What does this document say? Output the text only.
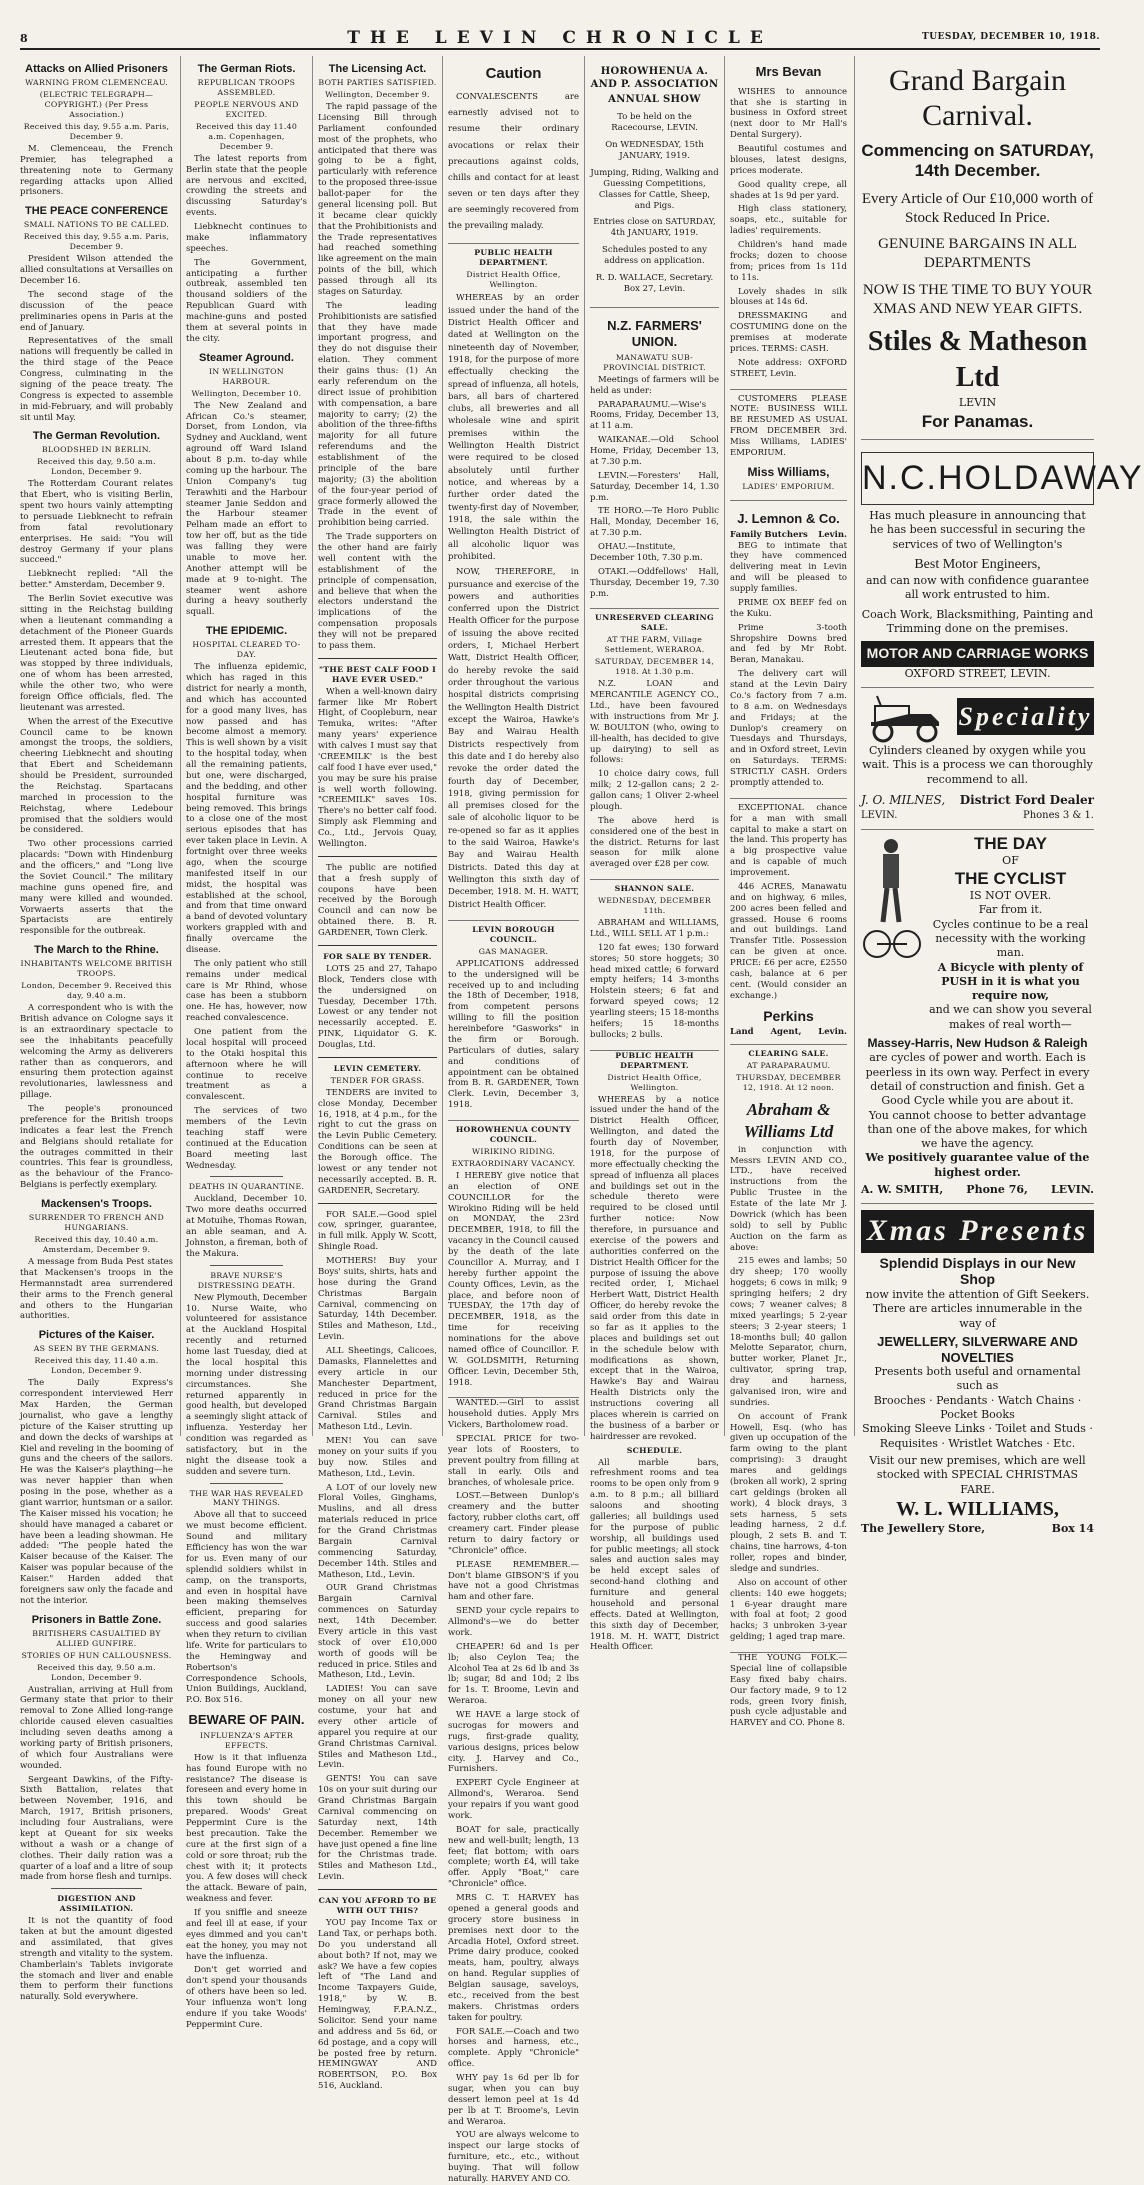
8	THE LEVIN CHRONICLE	TUESDAY, DECEMBER 10, 1918.
Attacks on Allied Prisoners
WARNING FROM CLEMENCEAU.
(ELECTRIC TELEGRAPH—COPYRIGHT.) (Per Press Association.)
Received this day, 9.55 a.m. Paris, December 9.
M. Clemenceau, the French Premier, has telegraphed a threatening note to Germany regarding attacks upon Allied prisoners.
THE PEACE CONFERENCE
SMALL NATIONS TO BE CALLED.
Received this day, 9.55 a.m. Paris, December 9.
President Wilson attended the allied consultations at Versailles on December 16.
The second stage of the discussion of the peace preliminaries opens in Paris at the end of January.
Representatives of the small nations will frequently be called in the third stage of the Peace Congress, culminating in the signing of the peace treaty. The Congress is expected to assemble in mid-February, and will probably sit until May.
The German Revolution.
BLOODSHED IN BERLIN.
Received this day, 9.50 a.m. London, December 9.
The Rotterdam Courant relates that Ebert, who is visiting Berlin, spent two hours vainly attempting to persuade Liebknecht to refrain from fatal revolutionary enterprises. He said: "You will destroy Germany if your plans succeed."
Liebknecht replied: "All the better." Amsterdam, December 9.
The Berlin Soviet executive was sitting in the Reichstag building when a lieutenant commanding a detachment of the Pioneer Guards arrested them. It appears that the Lieutenant acted bona fide, but was stopped by three individuals, one of whom has been arrested, while the other two, who were foreign Office officials, fled. The lieutenant was arrested.
When the arrest of the Executive Council came to be known amongst the troops, the soldiers, cheering Liebknecht and shouting that Ebert and Scheidemann should be President, surrounded the Reichstag. Spartacans marched in procession to the Reichstag, where Ledebour promised that the soldiers would be considered.
Two other processions carried placards: "Down with Hindenburg and the officers," and "Long live the Soviet Council." The military machine guns opened fire, and many were killed and wounded. Vorwaerts asserts that the Spartacists are entirely responsible for the outbreak.
The March to the Rhine.
INHABITANTS WELCOME BRITISH TROOPS.
London, December 9. Received this day, 9.40 a.m.
A correspondent who is with the British advance on Cologne says it is an extraordinary spectacle to see the inhabitants peacefully welcoming the Army as deliverers rather than as conquerors, and ensuring them protection against revolutionaries, lawlessness and pillage.
The people's pronounced preference for the British troops indicates a fear lest the French and Belgians should retaliate for the outrages committed in their countries. This fear is groundless, as the behaviour of the Franco-Belgians is perfectly exemplary.
Mackensen's Troops.
SURRENDER TO FRENCH AND HUNGARIANS.
Received this day, 10.40 a.m. Amsterdam, December 9.
A message from Buda Pest states that Mackensen's troops in the Hermannstadt area surrendered their arms to the French general and others to the Hungarian authorities.
Pictures of the Kaiser.
AS SEEN BY THE GERMANS.
Received this day, 11.40 a.m. London, December 9.
The Daily Express's correspondent interviewed Herr Max Harden, the German journalist, who gave a lengthy picture of the Kaiser strutting up and down the decks of warships at Kiel and reveling in the booming of guns and the cheers of the sailors. He was the Kaiser's plaything—he was never happier than when posing in the pose, whether as a giant warrior, huntsman or a sailor. The Kaiser missed his vocation; he should have managed a cabaret or have been a leading showman. He added: "The people hated the Kaiser because of the Kaiser. The Kaiser was popular because of the Kaiser." Harden added that foreigners saw only the facade and not the interior.
Prisoners in Battle Zone.
BRITISHERS CASUALTIED BY ALLIED GUNFIRE.
STORIES OF HUN CALLOUSNESS.
Received this day, 9.50 a.m. London, December 9.
Australian, arriving at Hull from Germany state that prior to their removal to Zone Allied long-range chloride caused eleven casualties including seven deaths among a working party of British prisoners, of which four Australians were wounded.
Sergeant Dawkins, of the Fifty-Sixth Battalion, relates that between November, 1916, and March, 1917, British prisoners, including four Australians, were kept at Queant for six weeks without a wash or a change of clothes. Their daily ration was a quarter of a loaf and a litre of soup made from horse flesh and turnips.
DIGESTION AND ASSIMILATION.
It is not the quantity of food taken at but the amount digested and assimilated, that gives strength and vitality to the system. Chamberlain's Tablets invigorate the stomach and liver and enable them to perform their functions naturally. Sold everywhere.
The German Riots.
REPUBLICAN TROOPS ASSEMBLED.
PEOPLE NERVOUS AND EXCITED.
Received this day 11.40 a.m. Copenhagen, December 9.
The latest reports from Berlin state that the people are nervous and excited, crowding the streets and discussing Saturday's events.
Liebknecht continues to make inflammatory speeches.
The Government, anticipating a further outbreak, assembled ten thousand soldiers of the Republican Guard with machine-guns and posted them at several points in the city.
Steamer Aground.
IN WELLINGTON HARBOUR.
Wellington, December 10.
The New Zealand and African Co.'s steamer, Dorset, from London, via Sydney and Auckland, went aground off Ward Island about 8 p.m. to-day while coming up the harbour. The Union Company's tug Terawhiti and the Harbour steamer Janie Seddon and the Harbour steamer Pelham made an effort to tow her off, but as the tide was falling they were unable to move her. Another attempt will be made at 9 to-night. The steamer went ashore during a heavy southerly squall.
THE EPIDEMIC.
HOSPITAL CLEARED TO-DAY.
The influenza epidemic, which has raged in this district for nearly a month, and which has accounted for a good many lives, has now passed and has become almost a memory. This is well shown by a visit to the hospital today, when all the remaining patients, but one, were discharged, and the bedding, and other hospital furniture was being removed. This brings to a close one of the most serious episodes that has ever taken place in Levin. A fortnight over three weeks ago, when the scourge manifested itself in our midst, the hospital was established at the school, and from that time onward a band of devoted voluntary workers grappled with and finally overcame the disease.
The only patient who still remains under medical care is Mr Rhind, whose case has been a stubborn one. He has, however, now reached convalescence.
One patient from the local hospital will proceed to the Otaki hospital this afternoon where he will continue to receive treatment as a convalescent.
The services of two members of the Levin teaching staff were continued at the Education Board meeting last Wednesday.
DEATHS IN QUARANTINE.
Auckland, December 10. Two more deaths occurred at Motuihe, Thomas Rowan, an able seaman, and A. Johnston, a fireman, both of the Makura.
BRAVE NURSE'S DISTRESSING DEATH.
New Plymouth, December 10. Nurse Waite, who volunteered for assistance at the Auckland Hospital recently and returned home last Tuesday, died at the local hospital this morning under distressing circumstances. She returned apparently in good health, but developed a seemingly slight attack of influenza. Yesterday her condition was regarded as satisfactory, but in the night the disease took a sudden and severe turn.
THE WAR HAS REVEALED MANY THINGS.
Above all that to succeed we must become efficient. Sound and military Efficiency has won the war for us. Even many of our splendid soldiers whilst in camp, on the transports, and even in hospital have been making themselves efficient, preparing for success and good salaries when they return to civilian life. Write for particulars to the Hemingway and Robertson's Correspondence Schools, Union Buildings, Auckland, P.O. Box 516.
BEWARE OF PAIN.
INFLUENZA'S AFTER EFFECTS.
How is it that influenza has found Europe with no resistance? The disease is foreseen and every home in this town should be prepared. Woods' Great Peppermint Cure is the best precaution. Take the cure at the first sign of a cold or sore throat; rub the chest with it; it protects you. A few doses will check the attack. Beware of pain, weakness and fever.
If you sniffle and sneeze and feel ill at ease, if your eyes dimmed and you can't eat the honey, you may not have the influenza.
Don't get worried and don't spend your thousands of others have been so led. Your influenza won't long endure if you take Woods' Peppermint Cure.
The Licensing Act.
BOTH PARTIES SATISFIED.
Wellington, December 9.
The rapid passage of the Licensing Bill through Parliament confounded most of the prophets, who anticipated that there was going to be a fight, particularly with reference to the proposed three-issue ballot-paper for the general licensing poll. But it became clear quickly that the Prohibitionists and the Trade representatives had reached something like agreement on the main points of the bill, which passed through all its stages on Saturday.
The leading Prohibitionists are satisfied that they have made important progress, and they do not disguise their elation. They comment their gains thus: (1) An early referendum on the direct issue of prohibition with compensation, a bare majority to carry; (2) the abolition of the three-fifths majority for all future referendums and the establishment of the principle of the bare majority; (3) the abolition of the four-year period of grace formerly allowed the Trade in the event of prohibition being carried.
The Trade supporters on the other hand are fairly well content with the establishment of the principle of compensation, and believe that when the electors understand the implications of the compensation proposals they will not be prepared to pass them.
"THE BEST CALF FOOD I HAVE EVER USED."
When a well-known dairy farmer like Mr Robert Hight, of Coopleburn, near Temuka, writes: "After many years' experience with calves I must say that 'CREEMILK' is the best calf food I have ever used," you may be sure his praise is well worth following. "CREEMILK" saves 10s. There's no better calf food. Simply ask Flemming and Co., Ltd., Jervois Quay, Wellington.
The public are notified that a fresh supply of coupons have been received by the Borough Council and can now be obtained there. B. R. GARDENER, Town Clerk.
FOR SALE BY TENDER.
LOTS 25 and 27, Tahapo Block, Tenders close with the undersigned on Tuesday, December 17th. Lowest or any tender not necessarily accepted. E. PINK, Liquidator G. K. Douglas, Ltd.
LEVIN CEMETERY.
TENDER FOR GRASS.
TENDERS are invited to close Monday, December 16, 1918, at 4 p.m., for the right to cut the grass on the Levin Public Cemetery. Conditions can be seen at the Borough office. The lowest or any tender not necessarily accepted. B. R. GARDENER, Secretary.
FOR SALE.—Good spiel cow, springer, guarantee, in full milk. Apply W. Scott, Shingle Road.
MOTHERS! Buy your Boys' suits, shirts, hats and hose during the Grand Christmas Bargain Carnival, commencing on Saturday, 14th December. Stiles and Matheson, Ltd., Levin.
ALL Sheetings, Calicoes, Damasks, Flannelettes and every article in our Manchester Department, reduced in price for the Grand Christmas Bargain Carnival. Stiles and Matheson Ltd., Levin.
MEN! You can save money on your suits if you buy now. Stiles and Matheson, Ltd., Levin.
A LOT of our lovely new Floral Voiles, Ginghams, Muslins, and all dress materials reduced in price for the Grand Christmas Bargain Carnival commencing Saturday, December 14th. Stiles and Matheson, Ltd., Levin.
OUR Grand Christmas Bargain Carnival commences on Saturday next, 14th December. Every article in this vast stock of over £10,000 worth of goods will be reduced in price. Stiles and Matheson, Ltd., Levin.
LADIES! You can save money on all your new costume, your hat and every other article of apparel you require at our Grand Christmas Carnival. Stiles and Matheson Ltd., Levin.
GENTS! You can save 10s on your suit during our Grand Christmas Bargain Carnival commencing on Saturday next, 14th December. Remember we have just opened a fine line for the Christmas trade. Stiles and Matheson Ltd., Levin.
CAN YOU AFFORD TO BE WITH OUT THIS?
YOU pay Income Tax or Land Tax, or perhaps both. Do you understand all about both? If not, may we ask? We have a few copies left of "The Land and Income Taxpayers Guide, 1918," by W. B. Hemingway, F.P.A.N.Z., Solicitor. Send your name and address and 5s 6d, or 6d postage, and a copy will be posted free by return. HEMINGWAY AND ROBERTSON, P.O. Box 516, Auckland.
Caution
CONVALESCENTS are earnestly advised not to resume their ordinary avocations or relax their precautions against colds, chills and contact for at least seven or ten days after they are seemingly recovered from the prevailing malady.
PUBLIC HEALTH DEPARTMENT.
District Health Office, Wellington.
WHEREAS by an order issued under the hand of the District Health Officer and dated at Wellington on the nineteenth day of November, 1918, for the purpose of more effectually checking the spread of influenza, all hotels, bars, all bars of chartered clubs, all breweries and all wholesale wine and spirit premises within the Wellington Health District were required to be closed absolutely until further notice, and whereas by a further order dated the twenty-first day of November, 1918, the sale within the Wellington Health District of all alcoholic liquor was prohibited.
NOW, THEREFORE, in pursuance and exercise of the powers and authorities conferred upon the District Health Officer for the purpose of issuing the above recited orders, I, Michael Herbert Watt, District Health Officer, do hereby revoke the said order throughout the various hospital districts comprising the Wellington Health District except the Wairoa, Hawke's Bay and Wairau Health Districts respectively from this date and I do hereby also revoke the order dated the fourth day of December, 1918, giving permission for all premises closed for the sale of alcoholic liquor to be re-opened so far as it applies to the said Wairoa, Hawke's Bay and Wairau Health Districts. Dated this day at Wellington this sixth day of December, 1918. M. H. WATT, District Health Officer.
LEVIN BOROUGH COUNCIL.
GAS MANAGER.
APPLICATIONS addressed to the undersigned will be received up to and including the 18th of December, 1918, from competent persons willing to fill the position hereinbefore "Gasworks" in the firm or Borough. Particulars of duties, salary and conditions of appointment can be obtained from B. R. GARDENER, Town Clerk. Levin, December 3, 1918.
HOROWHENUA COUNTY COUNCIL.
WIRIKINO RIDING.
EXTRAORDINARY VACANCY.
I HEREBY give notice that an election of ONE COUNCILLOR for the Wirokino Riding will be held on MONDAY, the 23rd DECEMBER, 1918, to fill the vacancy in the Council caused by the death of the late Councillor A. Murray, and I hereby further appoint the County Offices, Levin, as the place, and before noon of TUESDAY, the 17th day of DECEMBER, 1918, as the time for receiving nominations for the above named office of Councillor. F. W. GOLDSMITH, Returning Officer. Levin, December 5th, 1918.
WANTED.—Girl to assist household duties. Apply Mrs Vickers, Bartholomew road.
SPECIAL PRICE for two-year lots of Roosters, to prevent poultry from filling at stall in early. Oils and branches, of wholesale price.
LOST.—Between Dunlop's creamery and the butter factory, rubber cloths cart, off creamery cart. Finder please return to dairy factory or "Chronicle" office.
PLEASE REMEMBER.—Don't blame GIBSON'S if you have not a good Christmas ham and other fare.
SEND your cycle repairs to Allmond's—we do better work.
CHEAPER! 6d and 1s per lb; also Ceylon Tea; the Alcohol Tea at 2s 6d lb and 3s lb; sugar, 8d and 10d; 2 lbs for 1s. T. Broome, Levin and Weraroa.
WE HAVE a large stock of sucrogas for mowers and rugs, first-grade quality, various designs, prices below city. J. Harvey and Co., Furnishers.
EXPERT Cycle Engineer at Allmond's, Weraroa. Send your repairs if you want good work.
BOAT for sale, practically new and well-built; length, 13 feet; flat bottom; with oars complete; worth £4, will take offer. Apply "Boat," care "Chronicle" office.
MRS C. T. HARVEY has opened a general goods and grocery store business in premises next door to the Arcadia Hotel, Oxford street. Prime dairy produce, cooked meats, ham, poultry, always on hand. Regular supplies of Belgian sausage, saveloys, etc., received from the best makers. Christmas orders taken for poultry.
FOR SALE.—Coach and two horses and harness, etc., complete. Apply "Chronicle" office.
WHY pay 1s 6d per lb for sugar, when you can buy dessert lemon peel at 1s 4d per lb at T. Broome's, Levin and Weraroa.
YOU are always welcome to inspect our large stocks of furniture, etc., etc., without buying. That will follow naturally. HARVEY AND CO.
HOROWHENUA A. AND P. ASSOCIATION
ANNUAL SHOW
To be held on the Racecourse, LEVIN.
On WEDNESDAY, 15th JANUARY, 1919.
Jumping, Riding, Walking and Guessing Competitions, Classes for Cattle, Sheep, and Pigs.
Entries close on SATURDAY, 4th JANUARY, 1919.
Schedules posted to any address on application.
R. D. WALLACE, Secretary. Box 27, Levin.
N.Z. FARMERS' UNION.
MANAWATU SUB-PROVINCIAL DISTRICT.
Meetings of farmers will be held as under:
PARAPARAUMU.—Wise's Rooms, Friday, December 13, at 11 a.m.
WAIKANAE.—Old School Home, Friday, December 13, at 7.30 p.m.
LEVIN.—Foresters' Hall, Saturday, December 14, 1.30 p.m.
TE HORO.—Te Horo Public Hall, Monday, December 16, at 7.30 p.m.
OHAU.—Institute, December 10th, 7.30 p.m.
OTAKI.—Oddfellows' Hall, Thursday, December 19, 7.30 p.m.
UNRESERVED CLEARING SALE.
AT THE FARM, Village Settlement, WERAROA.
SATURDAY, DECEMBER 14, 1918. At 1.30 p.m.
N.Z. LOAN and MERCANTILE AGENCY CO., Ltd., have been favoured with instructions from Mr J. W. BOULTON (who, owing to ill-health, has decided to give up dairying) to sell as follows:
10 choice dairy cows, full milk; 2 12-gallon cans; 2 2-gallon cans; 1 Oliver 2-wheel plough.
The above herd is considered one of the best in the district. Returns for last season for milk alone averaged over £28 per cow.
SHANNON SALE.
WEDNESDAY, DECEMBER 11th.
ABRAHAM and WILLIAMS, Ltd., WILL SELL AT 1 p.m.:
120 fat ewes; 130 forward stores; 50 store hoggets; 30 head mixed cattle; 6 forward empty heifers; 14 3-months Holstein steers; 6 fat and forward speyed cows; 12 yearling steers; 15 18-months heifers; 15 18-months bullocks; 2 bulls.
PUBLIC HEALTH DEPARTMENT.
District Health Office, Wellington.
WHEREAS by a notice issued under the hand of the District Health Officer, Wellington, and dated the fourth day of November, 1918, for the purpose of more effectually checking the spread of influenza all places and buildings set out in the schedule thereto were required to be closed until further notice: Now therefore, in pursuance and exercise of the powers and authorities conferred on the District Health Officer for the purpose of issuing the above recited order, I, Michael Herbert Watt, District Health Officer, do hereby revoke the said order from this date in so far as it applies to the places and buildings set out in the schedule below with modifications as shown, except that in the Wairoa, Hawke's Bay and Wairau Health Districts only the instructions covering all places wherein is carried on the business of a barber or hairdresser are revoked.
SCHEDULE.
All marble bars, refreshment rooms and tea rooms to be open only from 9 a.m. to 8 p.m.; all billiard saloons and shooting galleries; all buildings used for the purpose of public worship, all buildings used for public meetings; all stock sales and auction sales may be held except sales of second-hand clothing and furniture and general household and personal effects. Dated at Wellington, this sixth day of December, 1918. M. H. WATT, District Health Officer.
Mrs Bevan
WISHES to announce that she is starting in business in Oxford street (next door to Mr Hall's Dental Surgery).
Beautiful costumes and blouses, latest designs, prices moderate.
Good quality crepe, all shades at 1s 9d per yard.
High class stationery, soaps, etc., suitable for ladies' requirements.
Children's hand made frocks; dozen to choose from; prices from 1s 11d to 11s.
Lovely shades in silk blouses at 14s 6d.
DRESSMAKING and COSTUMING done on the premises at moderate prices. TERMS: CASH.
Note address: OXFORD STREET, Levin.
CUSTOMERS PLEASE NOTE: BUSINESS WILL BE RESUMED AS USUAL FROM DECEMBER 3rd. Miss Williams, LADIES' EMPORIUM.
Miss Williams,
LADIES' EMPORIUM.
J. Lemnon & Co.
Family Butchers Levin.
BEG to intimate that they have commenced delivering meat in Levin and will be pleased to supply families.
PRIME OX BEEF fed on the Kuku.
Prime 3-tooth Shropshire Downs bred and fed by Mr Robt. Beran, Manakau.
The delivery cart will stand at the Levin Dairy Co.'s factory from 7 a.m. to 8 a.m. on Wednesdays and Fridays; at the Dunlop's creamery on Tuesdays and Thursdays, and in Oxford street, Levin on Saturdays. TERMS: STRICTLY CASH. Orders promptly attended to.
EXCEPTIONAL chance for a man with small capital to make a start on the land. This property has a big prospective value and is capable of much improvement.
446 ACRES, Manawatu and on highway, 6 miles, 200 acres been felled and grassed. House 6 rooms and out buildings. Land Transfer Title. Possession can be given at once. PRICE: £6 per acre, £2550 cash, balance at 6 per cent. (Would consider an exchange.)
Perkins
Land Agent, Levin.
CLEARING SALE.
AT PARAPARAUMU.
THURSDAY, DECEMBER 12, 1918. At 12 noon.
Abraham & Williams Ltd
in conjunction with Messrs LEVIN AND CO., LTD., have received instructions from the Public Trustee in the Estate of the late Mr J. Dowrick (which has been sold) to sell by Public Auction on the farm as above:
215 ewes and lambs; 50 dry sheep; 170 woolly hoggets; 6 cows in milk; 9 springing heifers; 2 dry cows; 7 weaner calves; 8 mixed yearlings; 5 2-year steers; 3 2-year steers; 1 18-months bull; 40 gallon Melotte Separator, churn, butter worker, Planet Jr., cultivator, spring trap, dray and harness, galvanised iron, wire and sundries.
On account of Frank Howell, Esq. (who has given up occupation of the farm owing to the plant comprising): 3 draught mares and geldings (broken all work), 2 spring cart geldings (broken all work), 4 block drays, 3 sets harness, 5 sets leading harness, 2 d.f. plough, 2 sets B. and T. chains, tine harrows, 4-ton roller, ropes and binder, sledge and sundries.
Also on account of other clients: 140 ewe hoggets; 1 6-year draught mare with foal at foot; 2 good hacks; 3 unbroken 3-year gelding; 1 aged trap mare.
THE YOUNG FOLK.—Special line of collapsible Easy fixed baby chairs. Our factory made, 9 to 12 rods, green Ivory finish, push cycle adjustable and HARVEY and CO. Phone 8.
Grand Bargain Carnival.
Commencing on SATURDAY, 14th December.
Every Article of Our £10,000 worth of Stock Reduced In Price.
GENUINE BARGAINS IN ALL DEPARTMENTS
NOW IS THE TIME TO BUY YOUR XMAS AND NEW YEAR GIFTS.
Stiles & Matheson Ltd
LEVIN
For Panamas.
N.C.HOLDAWAY
Has much pleasure in announcing that he has been successful in securing the services of two of Wellington's
Best Motor Engineers,
and can now with confidence guarantee all work entrusted to him.
Coach Work, Blacksmithing, Painting and Trimming done on the premises.
MOTOR AND CARRIAGE WORKS
OXFORD STREET, LEVIN.
Speciality
Cylinders cleaned by oxygen while you wait. This is a process we can thoroughly recommend to all.
J. O. MILNES, District Ford Dealer
LEVIN.	Phones 3 & 1.
THE DAY
OF
THE CYCLIST
IS NOT OVER.
Far from it.
Cycles continue to be a real necessity with the working man.
A Bicycle with plenty of PUSH in it is what you require now,
and we can show you several makes of real worth—
Massey-Harris, New Hudson & Raleigh
are cycles of power and worth. Each is peerless in its own way. Perfect in every detail of construction and finish. Get a Good Cycle while you are about it.
You cannot choose to better advantage than one of the above makes, for which we have the agency.
We positively guarantee value of the highest order.
A. W. SMITH, Phone 76, LEVIN.
Xmas Presents
Splendid Displays in our New Shop
now invite the attention of Gift Seekers. There are articles innumerable in the way of
JEWELLERY, SILVERWARE AND NOVELTIES
Presents both useful and ornamental such as
Brooches · Pendants · Watch Chains · Pocket Books
Smoking Sleeve Links · Toilet and Studs · Requisites · Wristlet Watches · Etc.
Visit our new premises, which are well stocked with SPECIAL CHRISTMAS FARE.
W. L. WILLIAMS,
The Jewellery Store,	Box 14
